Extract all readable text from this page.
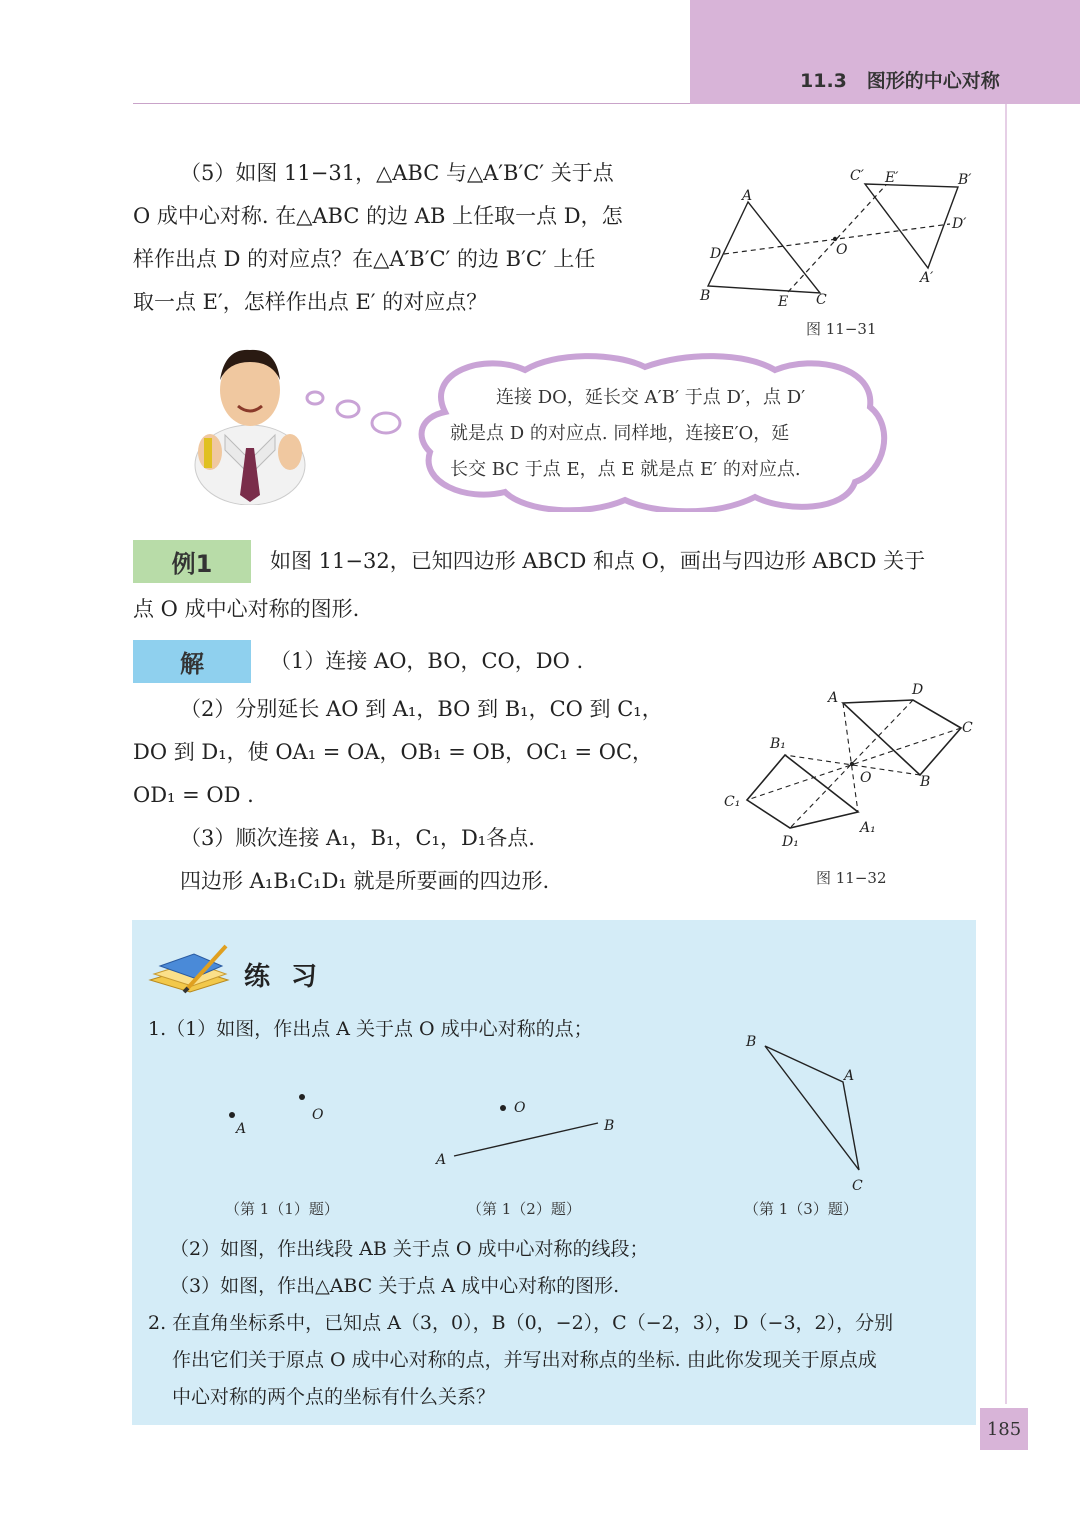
11.3 图形的中心对称
（5）如图 11−31，△ABC 与△A′B′C′ 关于点
O 成中心对称. 在△ABC 的边 AB 上任取一点 D，怎
样作出点 D 的对应点？在△A′B′C′ 的边 B′C′ 上任
取一点 E′，怎样作出点 E′ 的对应点？
A
B	C
D
E
O
A′
B′
C′
D′
E′
图 11−31
连接 DO，延长交 A′B′ 于点 D′，点 D′
就是点 D 的对应点. 同样地，连接E′O，延
长交 BC 于点 E，点 E 就是点 E′ 的对应点.
例1	如图 11−32，已知四边形 ABCD 和点 O，画出与四边形 ABCD 关于
点 O 成中心对称的图形.
解	（1）连接 AO，BO，CO，DO .
（2）分别延长 AO 到 A₁，BO 到 B₁，CO 到 C₁，
DO 到 D₁，使 OA₁ = OA，OB₁ = OB，OC₁ = OC，
OD₁ = OD .
（3）顺次连接 A₁，B₁，C₁，D₁各点.
四边形 A₁B₁C₁D₁ 就是所要画的四边形.
A
B
C
D
O
A₁
B₁
C₁
D₁
图 11−32
练 习
1.（1）如图，作出点 A 关于点 O 成中心对称的点；
A
O
（第 1（1）题）
A
B
O
（第 1（2）题）
B
A
C
（第 1（3）题）
（2）如图，作出线段 AB 关于点 O 成中心对称的线段；
（3）如图，作出△ABC 关于点 A 成中心对称的图形.
2. 在直角坐标系中，已知点 A（3，0），B（0，−2），C（−2，3），D（−3，2），分别
作出它们关于原点 O 成中心对称的点，并写出对称点的坐标. 由此你发现关于原点成
中心对称的两个点的坐标有什么关系？
185
